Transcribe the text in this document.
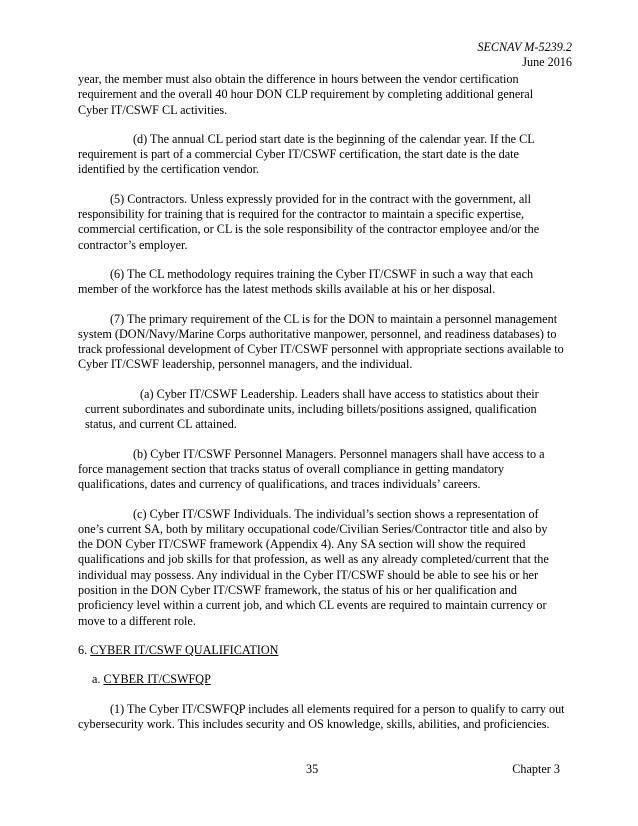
SECNAV M-5239.2
June 2016

year, the member must also obtain the difference in hours between the vendor certification requirement and the overall 40 hour DON CLP requirement by completing additional general Cyber IT/CSWF CL activities.

(d) The annual CL period start date is the beginning of the calendar year. If the CL requirement is part of a commercial Cyber IT/CSWF certification, the start date is the date identified by the certification vendor.

(5) Contractors. Unless expressly provided for in the contract with the government, all responsibility for training that is required for the contractor to maintain a specific expertise, commercial certification, or CL is the sole responsibility of the contractor employee and/or the contractor’s employer.

(6) The CL methodology requires training the Cyber IT/CSWF in such a way that each member of the workforce has the latest methods skills available at his or her disposal.

(7) The primary requirement of the CL is for the DON to maintain a personnel management system (DON/Navy/Marine Corps authoritative manpower, personnel, and readiness databases) to track professional development of Cyber IT/CSWF personnel with appropriate sections available to Cyber IT/CSWF leadership, personnel managers, and the individual.

(a) Cyber IT/CSWF Leadership. Leaders shall have access to statistics about their current subordinates and subordinate units, including billets/positions assigned, qualification status, and current CL attained.

(b) Cyber IT/CSWF Personnel Managers. Personnel managers shall have access to a force management section that tracks status of overall compliance in getting mandatory qualifications, dates and currency of qualifications, and traces individuals’ careers.

(c) Cyber IT/CSWF Individuals. The individual’s section shows a representation of one’s current SA, both by military occupational code/Civilian Series/Contractor title and also by the DON Cyber IT/CSWF framework (Appendix 4). Any SA section will show the required qualifications and job skills for that profession, as well as any already completed/current that the individual may possess. Any individual in the Cyber IT/CSWF should be able to see his or her position in the DON Cyber IT/CSWF framework, the status of his or her qualification and proficiency level within a current job, and which CL events are required to maintain currency or move to a different role.

6. CYBER IT/CSWF QUALIFICATION

a. CYBER IT/CSWFQP

(1) The Cyber IT/CSWFQP includes all elements required for a person to qualify to carry out cybersecurity work. This includes security and OS knowledge, skills, abilities, and proficiencies.

35	Chapter 3
